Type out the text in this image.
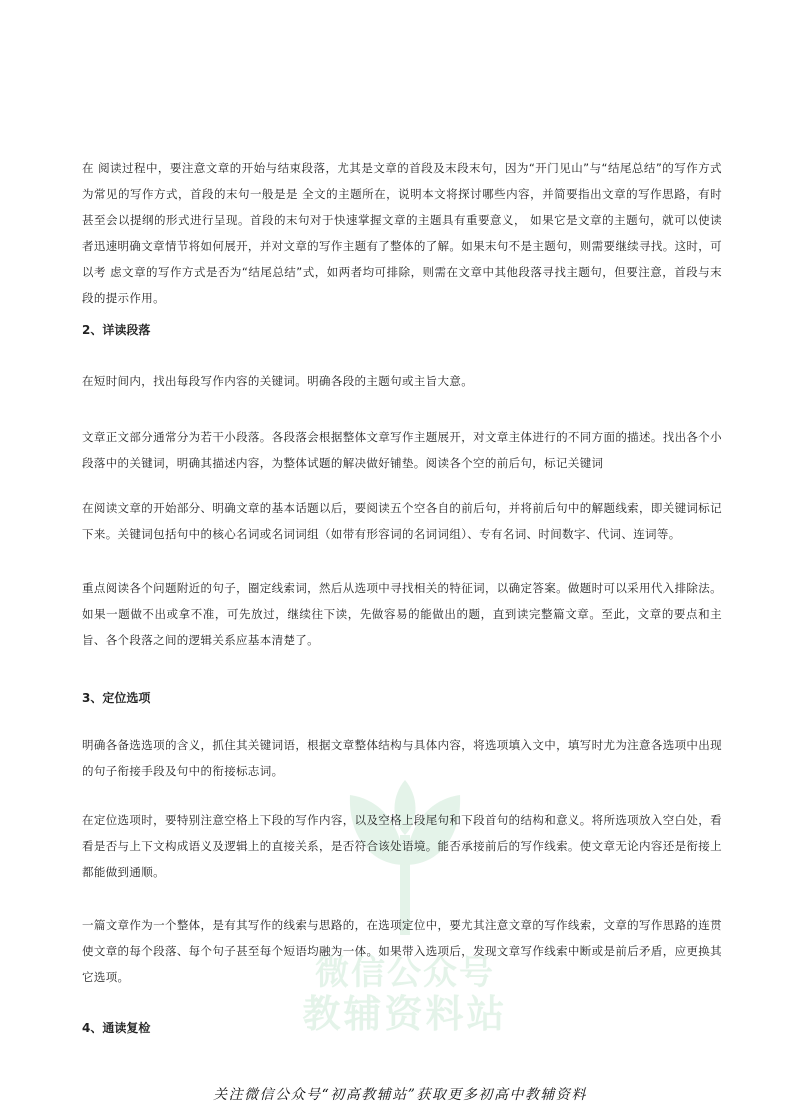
微信公众号
教辅资料站

在 阅读过程中，要注意文章的开始与结束段落，尤其是文章的首段及末段末句，因为“开门见山”与“结尾总结”的写作方式为常见的写作方式，首段的末句一般是是 全文的主题所在，说明本文将探讨哪些内容，并简要指出文章的写作思路，有时甚至会以提纲的形式进行呈现。首段的末句对于快速掌握文章的主题具有重要意义， 如果它是文章的主题句，就可以使读者迅速明确文章情节将如何展开，并对文章的写作主题有了整体的了解。如果末句不是主题句，则需要继续寻找。这时，可以考 虑文章的写作方式是否为“结尾总结”式，如两者均可排除，则需在文章中其他段落寻找主题句，但要注意，首段与末段的提示作用。

2、详读段落

在短时间内，找出每段写作内容的关键词。明确各段的主题句或主旨大意。

文章正文部分通常分为若干小段落。各段落会根据整体文章写作主题展开，对文章主体进行的不同方面的描述。找出各个小段落中的关键词，明确其描述内容，为整体试题的解决做好铺垫。阅读各个空的前后句，标记关键词

在阅读文章的开始部分、明确文章的基本话题以后，要阅读五个空各自的前后句，并将前后句中的解题线索，即关键词标记下来。关键词包括句中的核心名词或名词词组（如带有形容词的名词词组）、专有名词、时间数字、代词、连词等。

重点阅读各个问题附近的句子，圈定线索词，然后从选项中寻找相关的特征词，以确定答案。做题时可以采用代入排除法。如果一题做不出或拿不准，可先放过，继续往下读，先做容易的能做出的题，直到读完整篇文章。至此，文章的要点和主旨、各个段落之间的逻辑关系应基本清楚了。

3、定位选项

明确各备选选项的含义，抓住其关键词语，根据文章整体结构与具体内容，将选项填入文中，填写时尤为注意各选项中出现的句子衔接手段及句中的衔接标志词。

在定位选项时，要特别注意空格上下段的写作内容，以及空格上段尾句和下段首句的结构和意义。将所选项放入空白处，看看是否与上下文构成语义及逻辑上的直接关系，是否符合该处语境。能否承接前后的写作线索。使文章无论内容还是衔接上都能做到通顺。

一篇文章作为一个整体，是有其写作的线索与思路的，在选项定位中，要尤其注意文章的写作线索，文章的写作思路的连贯使文章的每个段落、每个句子甚至每个短语均融为一体。如果带入选项后，发现文章写作线索中断或是前后矛盾，应更换其它选项。

4、通读复检
关注微信公众号“初高教辅站”获取更多初高中教辅资料
